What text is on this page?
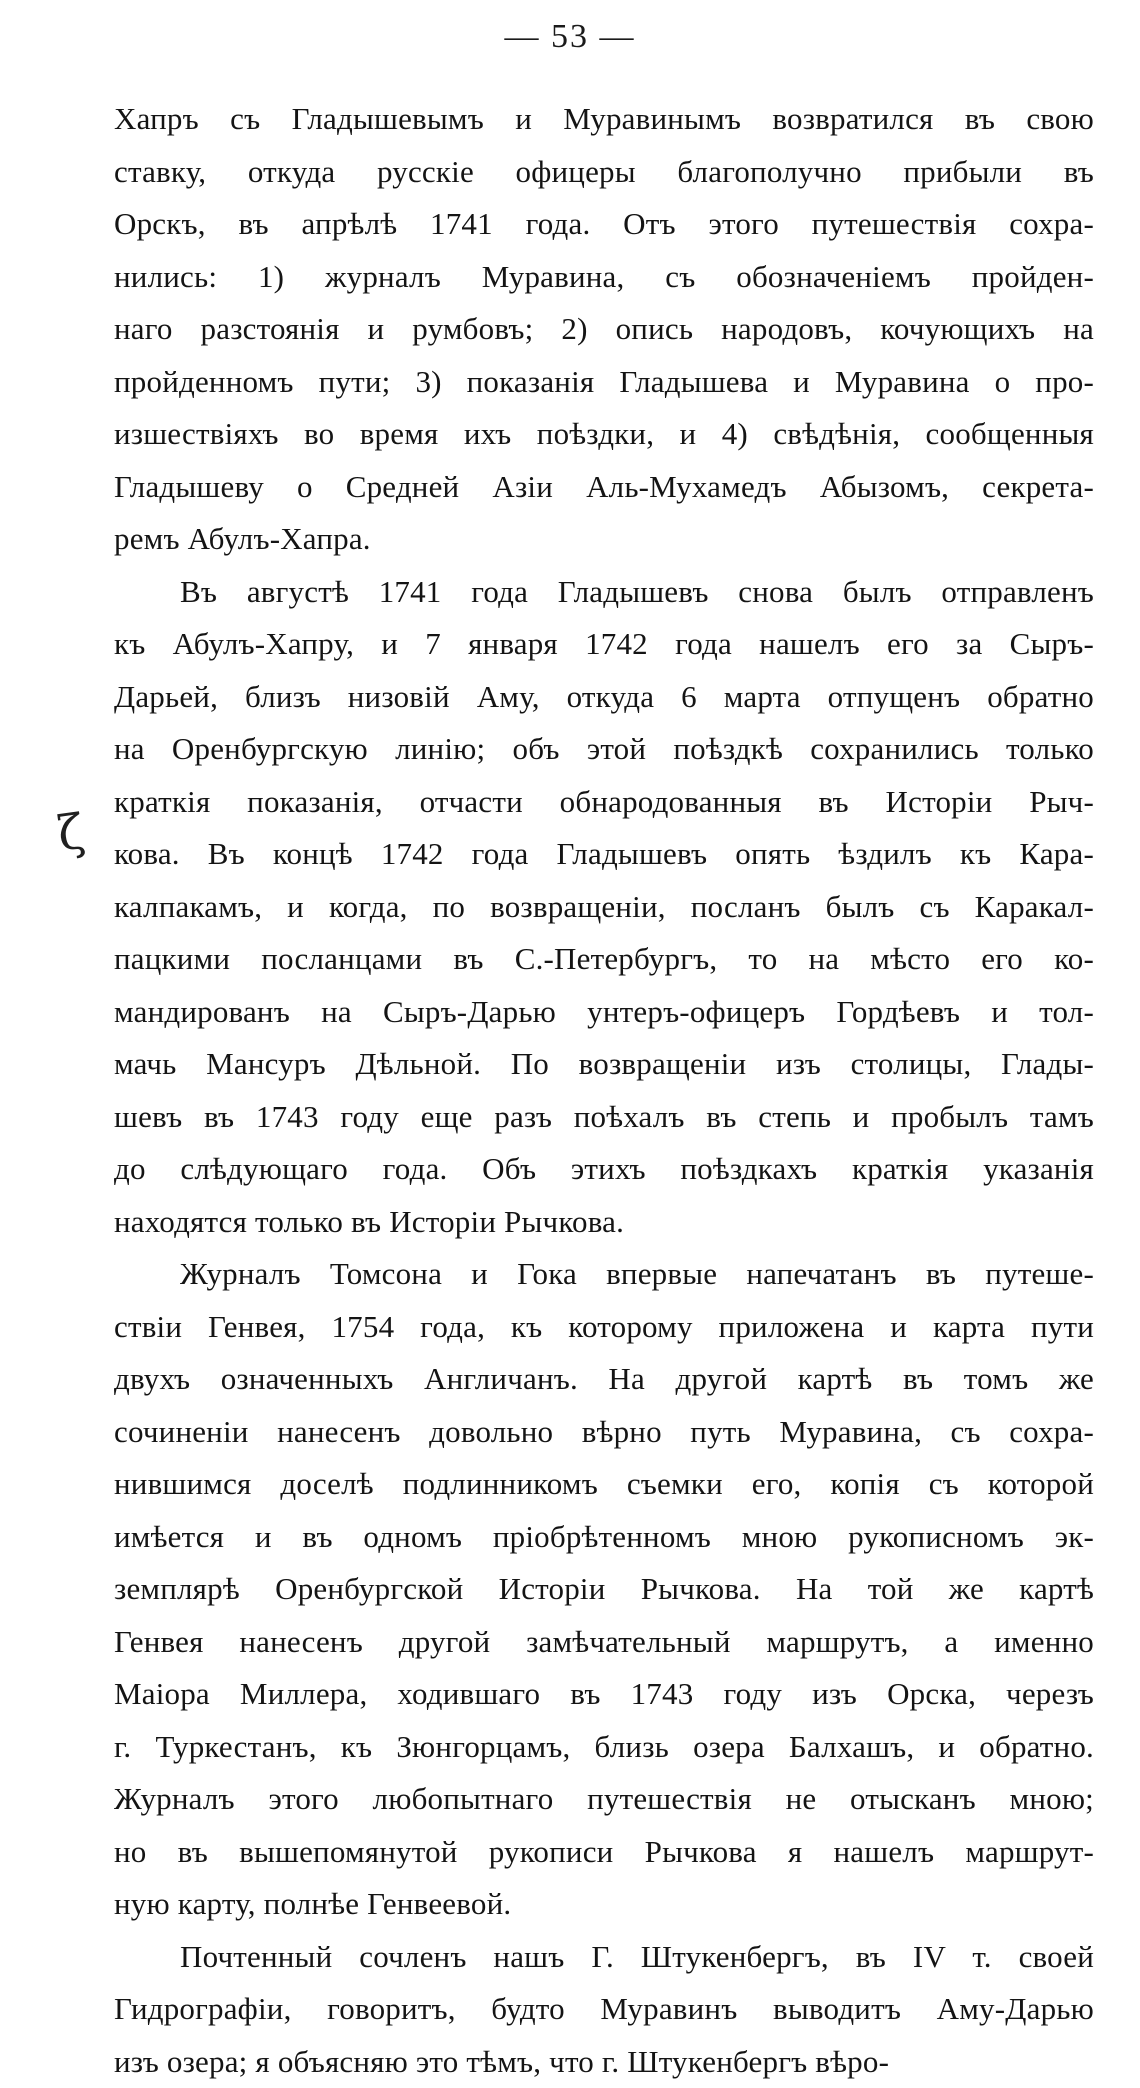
— 53 —
ζ
Хапръ съ Гладышевымъ и Муравинымъ возвратился въ свою
ставку, откуда русскіе офицеры благополучно прибыли въ
Орскъ, въ апрѣлѣ 1741 года. Отъ этого путешествія сохра-
нились: 1) журналъ Муравина, съ обозначеніемъ пройден-
наго разстоянія и румбовъ; 2) опись народовъ, кочующихъ на
пройденномъ пути; 3) показанія Гладышева и Муравина о про-
изшествіяхъ во время ихъ поѣздки, и 4) свѣдѣнія, сообщенныя
Гладышеву о Средней Азіи Аль-Мухамедъ Абызомъ, секрета-
ремъ Абулъ-Хапра.
Въ августѣ 1741 года Гладышевъ снова былъ отправленъ
къ Абулъ-Хапру, и 7 января 1742 года нашелъ его за Сыръ-
Дарьей, близъ низовій Аму, откуда 6 марта отпущенъ обратно
на Оренбургскую линію; объ этой поѣздкѣ сохранились только
краткія показанія, отчасти обнародованныя въ Исторіи Рыч-
кова. Въ концѣ 1742 года Гладышевъ опять ѣздилъ къ Кара-
калпакамъ, и когда, по возвращеніи, посланъ былъ съ Каракал-
пацкими посланцами въ С.-Петербургъ, то на мѣсто его ко-
мандированъ на Сыръ-Дарью унтеръ-офицеръ Гордѣевъ и тол-
мачь Мансуръ Дѣльной. По возвращеніи изъ столицы, Глады-
шевъ въ 1743 году еще разъ поѣхалъ въ степь и пробылъ тамъ
до слѣдующаго года. Объ этихъ поѣздкахъ краткія указанія
находятся только въ Исторіи Рычкова.
Журналъ Томсона и Гока впервые напечатанъ въ путеше-
ствіи Генвея, 1754 года, къ которому приложена и карта пути
двухъ означенныхъ Англичанъ. На другой картѣ въ томъ же
сочиненіи нанесенъ довольно вѣрно путь Муравина, съ сохра-
нившимся доселѣ подлинникомъ съемки его, копія съ которой
имѣется и въ одномъ пріобрѣтенномъ мною рукописномъ эк-
земплярѣ Оренбургской Исторіи Рычкова. На той же картѣ
Генвея нанесенъ другой замѣчательный маршрутъ, а именно
Маіора Миллера, ходившаго въ 1743 году изъ Орска, черезъ
г. Туркестанъ, къ Зюнгорцамъ, близь озера Балхашъ, и обратно.
Журналъ этого любопытнаго путешествія не отысканъ мною;
но въ вышепомянутой рукописи Рычкова я нашелъ маршрут-
ную карту, полнѣе Генвеевой.
Почтенный сочленъ нашъ Г. Штукенбергъ, въ IV т. своей
Гидрографіи, говоритъ, будто Муравинъ выводитъ Аму-Дарью
изъ озера; я объясняю это тѣмъ, что г. Штукенбергъ вѣро-
